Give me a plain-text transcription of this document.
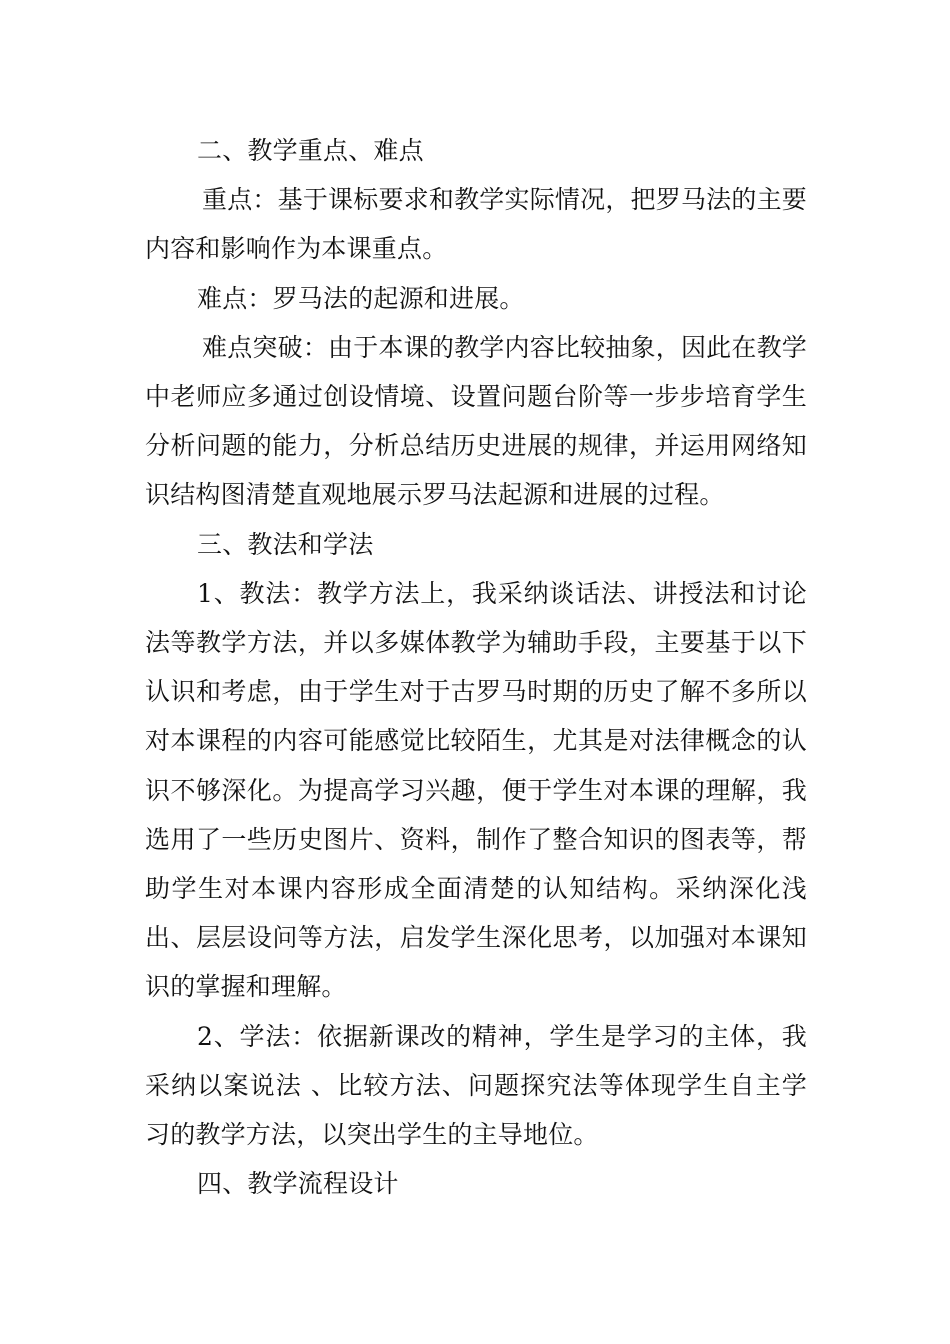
二、教学重点、难点

重点：基于课标要求和教学实际情况，把罗马法的主要内容和影响作为本课重点。

难点：罗马法的起源和进展。

难点突破：由于本课的教学内容比较抽象，因此在教学中老师应多通过创设情境、设置问题台阶等一步步培育学生分析问题的能力，分析总结历史进展的规律，并运用网络知识结构图清楚直观地展示罗马法起源和进展的过程。

三、教法和学法

1、教法：教学方法上，我采纳谈话法、讲授法和讨论法等教学方法，并以多媒体教学为辅助手段，主要基于以下认识和考虑，由于学生对于古罗马时期的历史了解不多所以对本课程的内容可能感觉比较陌生，尤其是对法律概念的认识不够深化。为提高学习兴趣，便于学生对本课的理解，我选用了一些历史图片、资料，制作了整合知识的图表等，帮助学生对本课内容形成全面清楚的认知结构。采纳深化浅出、层层设问等方法，启发学生深化思考，以加强对本课知识的掌握和理解。

2、学法：依据新课改的精神，学生是学习的主体，我采纳以案说法 、比较方法、问题探究法等体现学生自主学习的教学方法，以突出学生的主导地位。

四、教学流程设计
